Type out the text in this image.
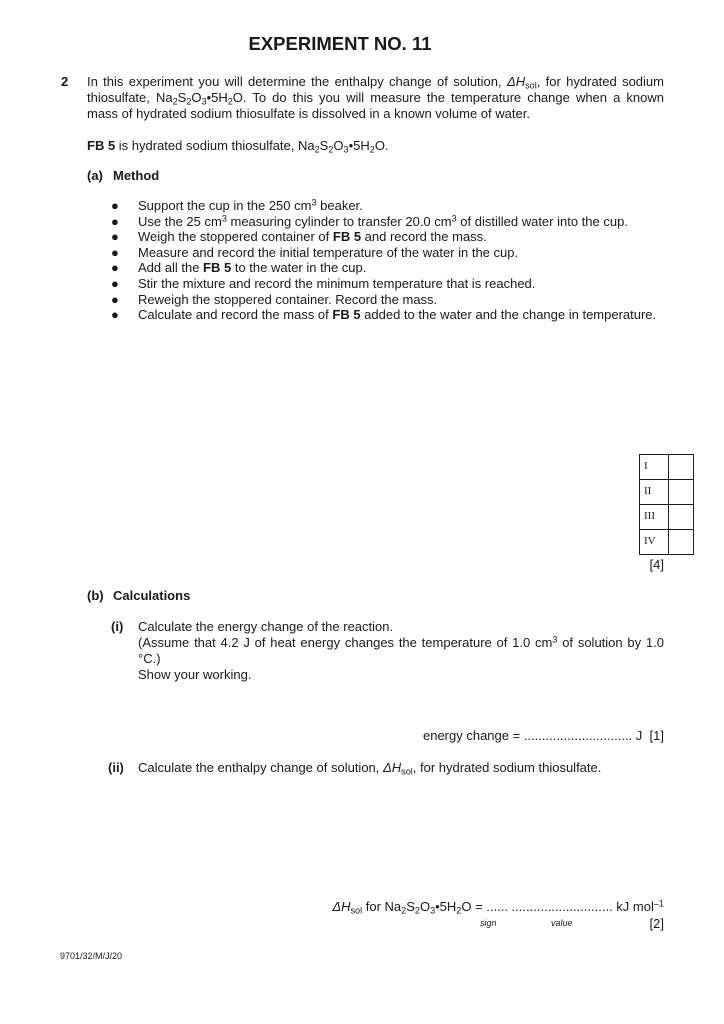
EXPERIMENT NO. 11
2 In this experiment you will determine the enthalpy change of solution, $\Delta H_{sol}$, for hydrated sodium thiosulfate, $Na_2S_2O_3•5H_2O$. To do this you will measure the temperature change when a known mass of hydrated sodium thiosulfate is dissolved in a known volume of water.
FB 5 is hydrated sodium thiosulfate, $Na_2S_2O_3•5H_2O$.
(a) Method
● Support the cup in the 250 $cm^3$ beaker.
● Use the 25 $cm^3$ measuring cylinder to transfer 20.0 $cm^3$ of distilled water into the cup.
● Weigh the stoppered container of FB 5 and record the mass.
● Measure and record the initial temperature of the water in the cup.
● Add all the FB 5 to the water in the cup.
● Stir the mixture and record the minimum temperature that is reached.
● Reweigh the stoppered container. Record the mass.
● Calculate and record the mass of FB 5 added to the water and the change in temperature.
I	
II	
III	
IV	
[4]
(b) Calculations
(i) Calculate the energy change of the reaction.
(Assume that 4.2 J of heat energy changes the temperature of 1.0 $cm^3$ of solution by 1.0 °C.)
Show your working.
energy change = .............................. J [1]
(ii) Calculate the enthalpy change of solution, $\Delta H_{sol}$, for hydrated sodium thiosulfate.
$\Delta H_{sol}$ for $Na_2S_2O_3•5H_2O$ = ...... ............................ kJ mol$^{-1}$
sign	value	[2]
9701/32/M/J/20
